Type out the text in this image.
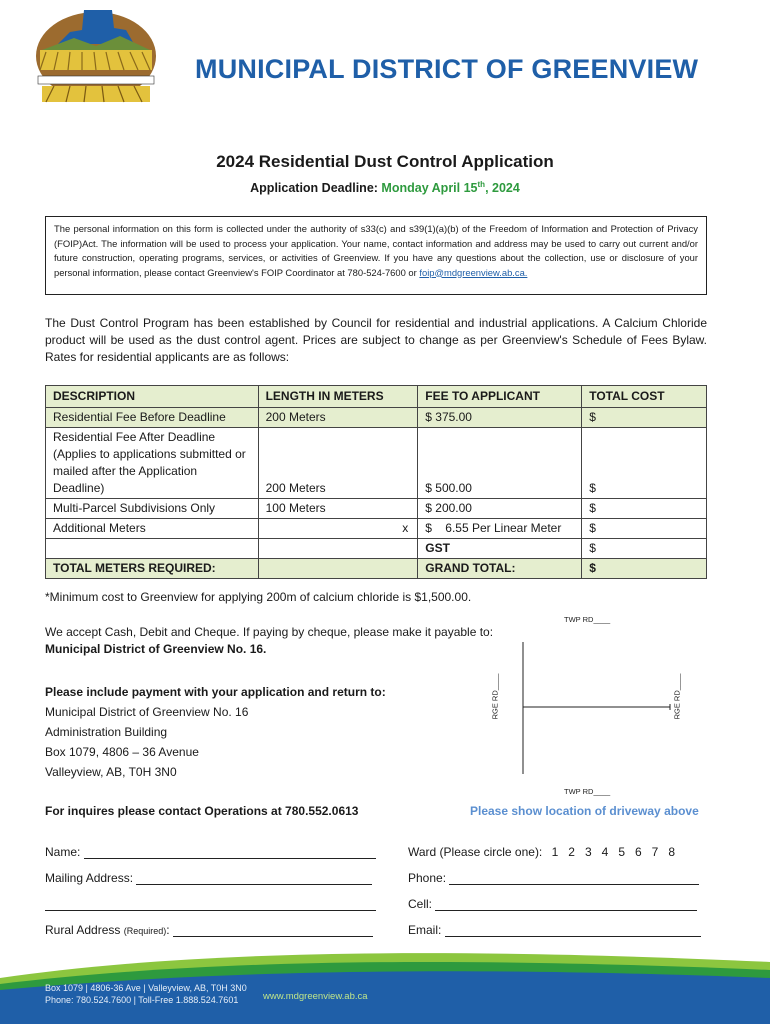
MUNICIPAL DISTRICT OF GREENVIEW
2024 Residential Dust Control Application
Application Deadline: Monday April 15th, 2024
The personal information on this form is collected under the authority of s33(c) and s39(1)(a)(b) of the Freedom of Information and Protection of Privacy (FOIP)Act. The information will be used to process your application. Your name, contact information and address may be used to carry out current and/or future construction, operating programs, services, or activities of Greenview. If you have any questions about the collection, use or disclosure of your personal information, please contact Greenview's FOIP Coordinator at 780-524-7600 or foip@mdgreenview.ab.ca.
The Dust Control Program has been established by Council for residential and industrial applications. A Calcium Chloride product will be used as the dust control agent. Prices are subject to change as per Greenview's Schedule of Fees Bylaw. Rates for residential applicants are as follows:
DESCRIPTION	LENGTH IN METERS	FEE TO APPLICANT	TOTAL COST
Residential Fee Before Deadline	200 Meters	$ 375.00	$
Residential Fee After Deadline (Applies to applications submitted or mailed after the Application Deadline)	200 Meters	$ 500.00	$
Multi-Parcel Subdivisions Only	100 Meters	$ 200.00	$
Additional Meters	x	$    6.55 Per Linear Meter	$
		GST	$
TOTAL METERS REQUIRED:		GRAND TOTAL:	$
*Minimum cost to Greenview for applying 200m of calcium chloride is $1,500.00.
We accept Cash, Debit and Cheque. If paying by cheque, please make it payable to:
Municipal District of Greenview No. 16.
Please include payment with your application and return to:
Municipal District of Greenview No. 16
Administration Building
Box 1079, 4806 – 36 Avenue
Valleyview, AB, T0H 3N0
TWP RD____
TWP RD____
RGE RD____	RGE RD____
For inquires please contact Operations at 780.552.0613	Please show location of driveway above
Name:
Mailing Address:
Rural Address (Required):
Ward (Please circle one): 1   2   3   4   5   6   7   8
Phone:
Cell:
Email:
Box 1079 | 4806-36 Ave | Valleyview, AB, T0H 3N0
Phone: 780.524.7600 | Toll-Free 1.888.524.7601	www.mdgreenview.ab.ca
